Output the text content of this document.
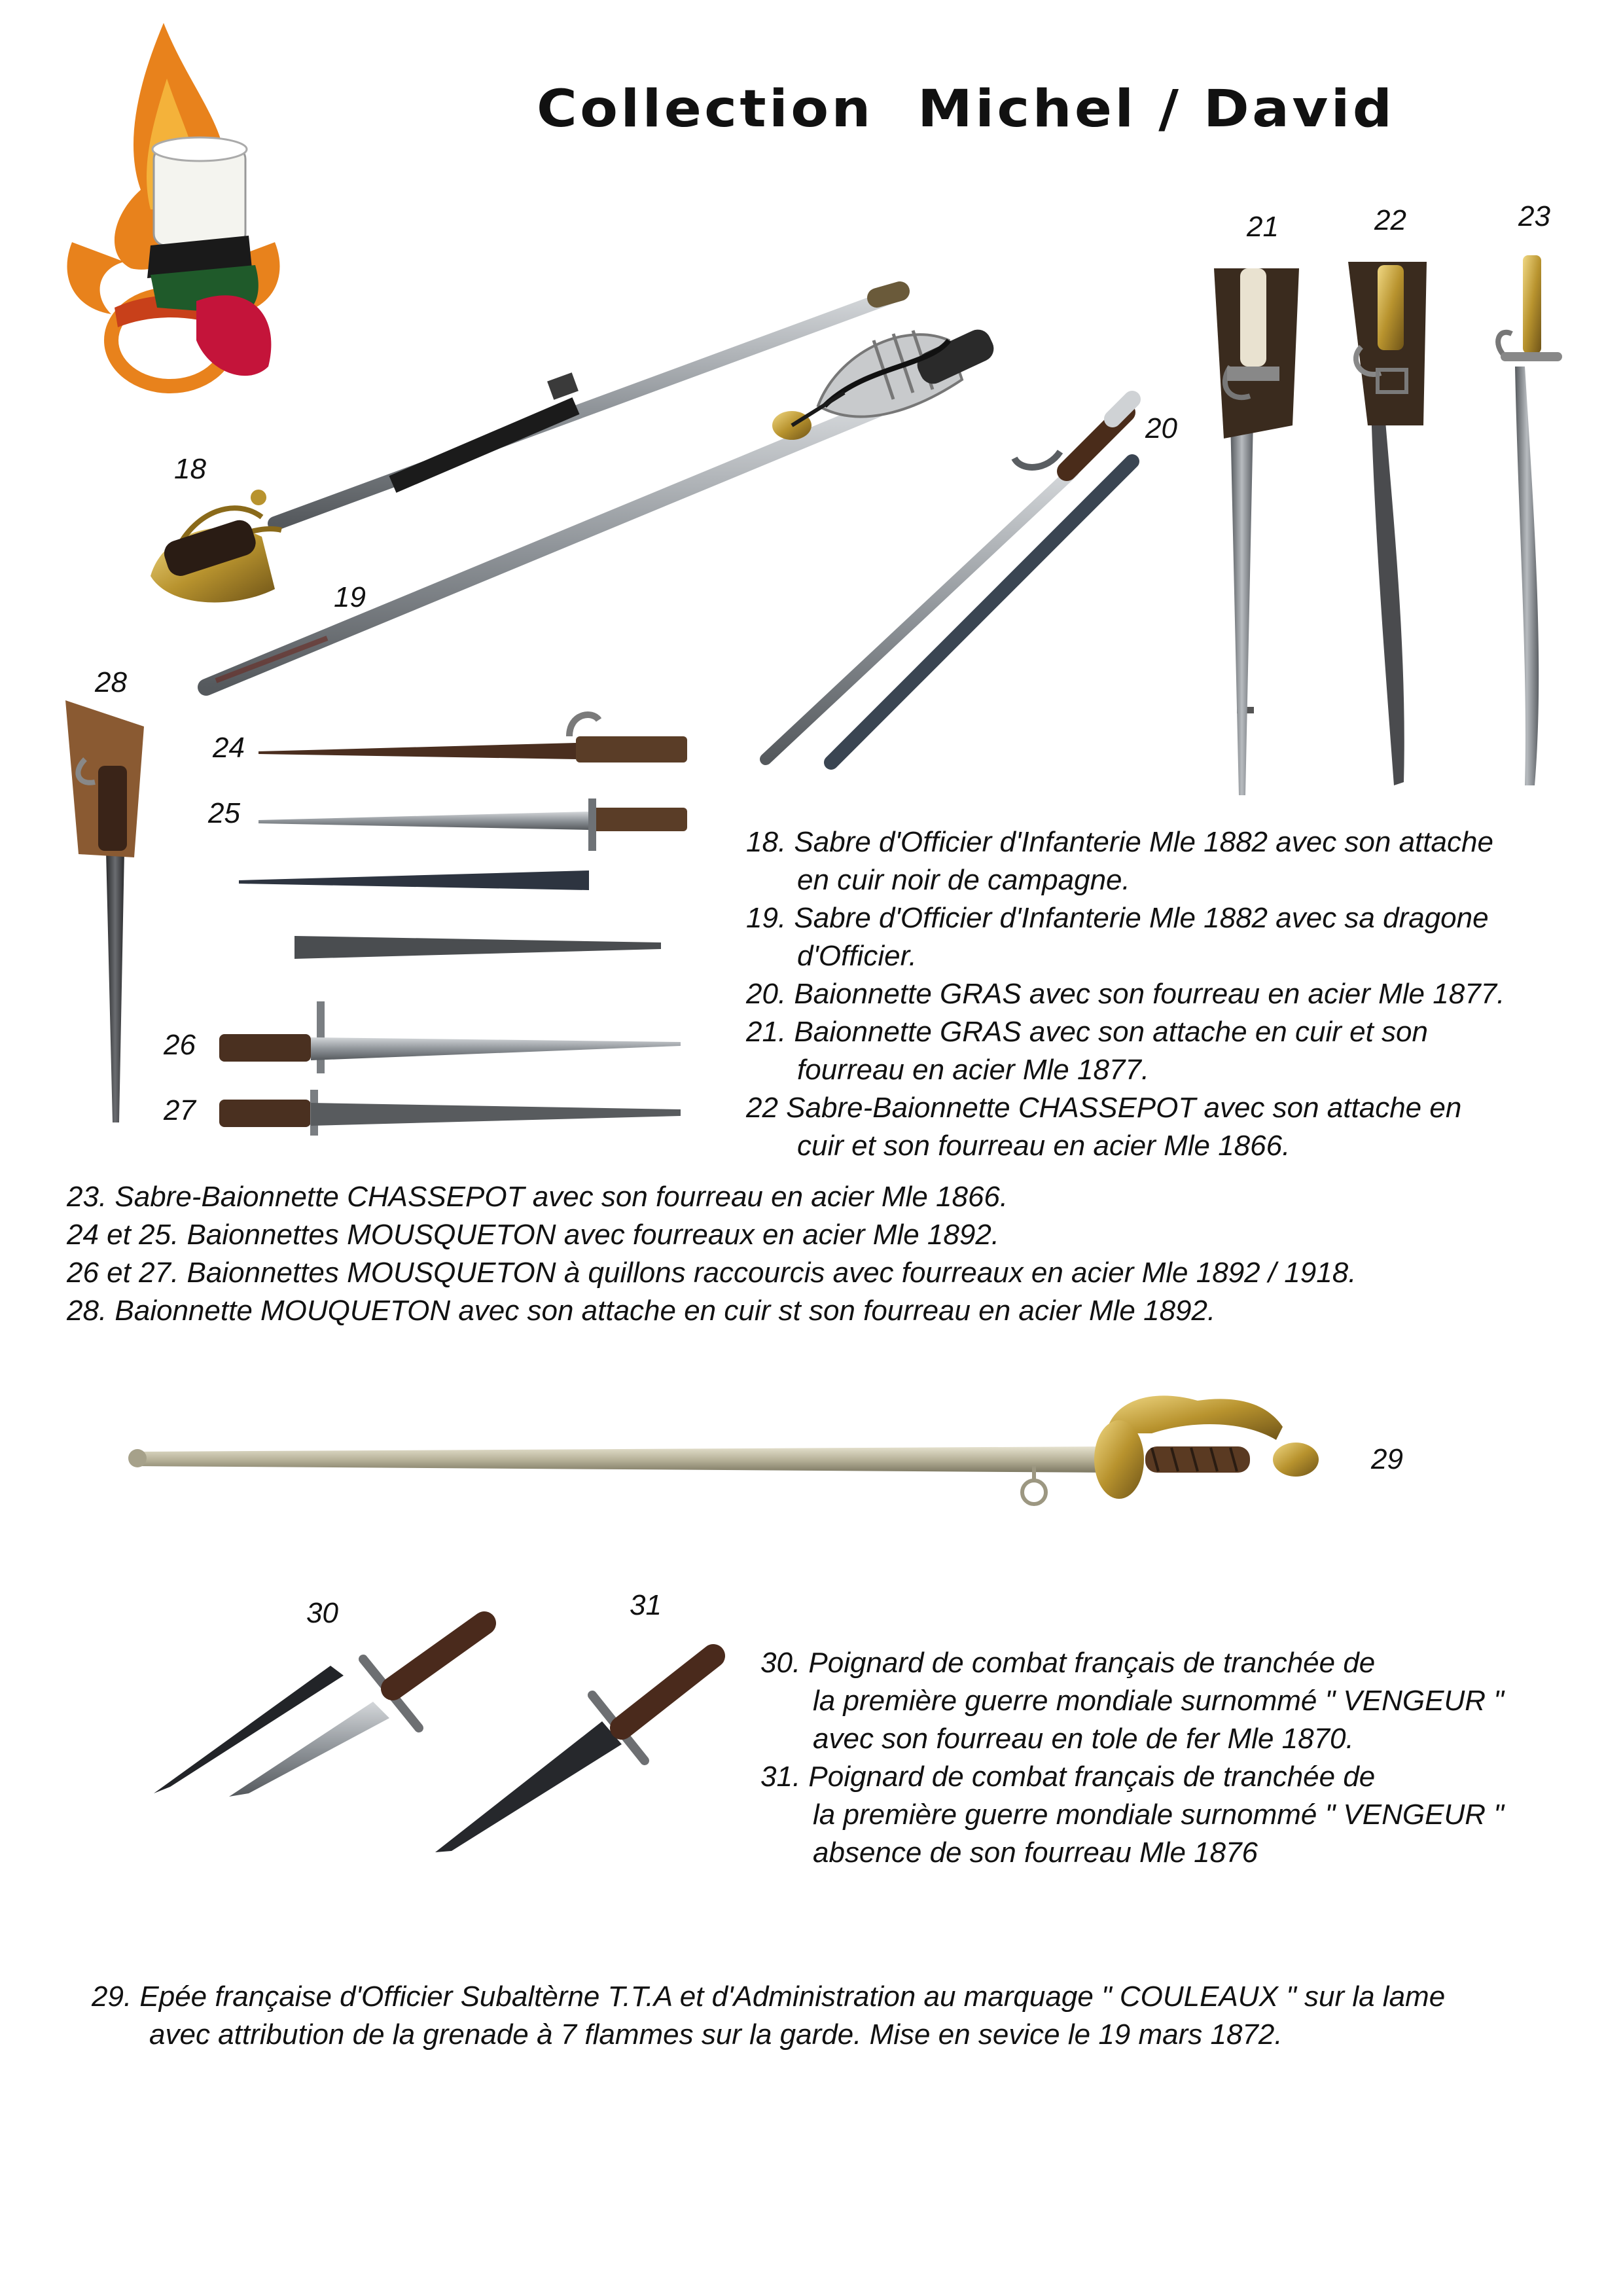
Collection  Michel / David
18
19
20
21	22	23
24
25
26
27
28
29
30	31
18. Sabre d'Officier d'Infanterie Mle 1882 avec son attache
en cuir noir de campagne.
19. Sabre d'Officier d'Infanterie Mle 1882 avec sa dragone
d'Officier.
20. Baionnette GRAS avec son fourreau en acier Mle 1877.
21. Baionnette GRAS avec son attache en cuir et son
fourreau en acier Mle 1877.
22 Sabre-Baionnette CHASSEPOT avec son attache en
cuir et son fourreau en acier Mle 1866.
23. Sabre-Baionnette CHASSEPOT avec son fourreau en acier Mle 1866.
24 et 25. Baionnettes MOUSQUETON avec fourreaux en acier Mle 1892.
26 et 27. Baionnettes MOUSQUETON à quillons raccourcis avec fourreaux en acier Mle 1892 / 1918.
28. Baionnette MOUQUETON avec son attache en cuir st son fourreau en acier Mle 1892.
30. Poignard de combat français de tranchée de
la première guerre mondiale surnommé " VENGEUR "
avec son fourreau en tole de fer Mle 1870.
31. Poignard de combat français de tranchée de
la première guerre mondiale surnommé " VENGEUR "
absence de son fourreau Mle 1876
29. Epée française d'Officier Subaltèrne T.T.A et d'Administration au marquage " COULEAUX " sur la lame
avec attribution de la grenade à 7 flammes sur la garde. Mise en sevice le 19 mars 1872.
